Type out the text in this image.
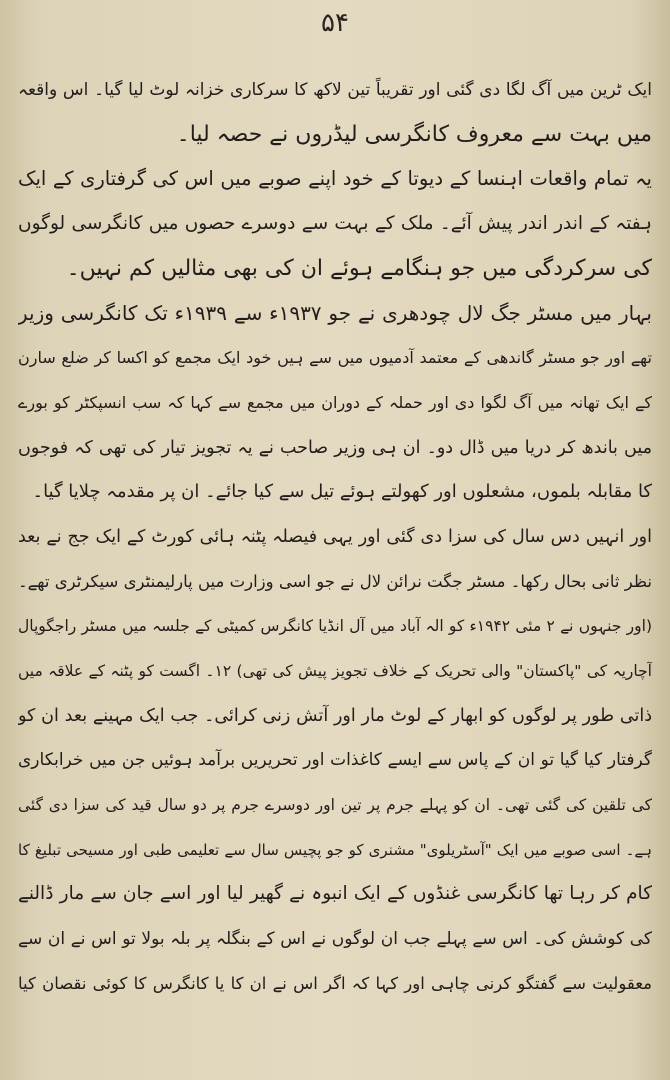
۵۴
ایک ٹرین میں آگ لگا دی گئی اور تقریباً تین لاکھ کا سرکاری خزانہ لوٹ لیا گیا۔ اس واقعہ
میں بہت سے معروف کانگرسی لیڈروں نے حصہ لیا۔
یہ تمام واقعات اہنسا کے دیوتا کے خود اپنے صوبے میں اس کی گرفتاری کے ایک
ہفتہ کے اندر اندر پیش آئے۔ ملک کے بہت سے دوسرے حصوں میں کانگرسی لوگوں
کی سرکردگی میں جو ہنگامے ہوئے ان کی بھی مثالیں کم نہیں۔
بہار میں مسٹر جگ لال چودھری نے جو ۱۹۳۷ء سے ۱۹۳۹ء تک کانگرسی وزیر
تھے اور جو مسٹر گاندھی کے معتمد آدمیوں میں سے ہیں خود ایک مجمع کو اکسا کر ضلع سارن
کے ایک تھانہ میں آگ لگوا دی اور حملہ کے دوران میں مجمع سے کہا کہ سب انسپکٹر کو بورے
میں باندھ کر دریا میں ڈال دو۔ ان ہی وزیر صاحب نے یہ تجویز تیار کی تھی کہ فوجوں
کا مقابلہ بلموں، مشعلوں اور کھولتے ہوئے تیل سے کیا جائے۔ ان پر مقدمہ چلایا گیا۔
اور انہیں دس سال کی سزا دی گئی اور یہی فیصلہ پٹنہ ہائی کورٹ کے ایک جج نے بعد
نظر ثانی بحال رکھا۔ مسٹر جگت نرائن لال نے جو اسی وزارت میں پارلیمنٹری سیکرٹری تھے۔
(اور جنہوں نے ۲ مئی ۱۹۴۲ء کو الہ آباد میں آل انڈیا کانگرس کمیٹی کے جلسہ میں مسٹر راجگوپال
آچاریہ کی "پاکستان" والی تحریک کے خلاف تجویز پیش کی تھی) ۱۲۔ اگست کو پٹنہ کے علاقہ میں
ذاتی طور پر لوگوں کو ابھار کے لوٹ مار اور آتش زنی کرائی۔ جب ایک مہینے بعد ان کو
گرفتار کیا گیا تو ان کے پاس سے ایسے کاغذات اور تحریریں برآمد ہوئیں جن میں خرابکاری
کی تلقین کی گئی تھی۔ ان کو پہلے جرم پر تین اور دوسرے جرم پر دو سال قید کی سزا دی گئی
ہے۔ اسی صوبے میں ایک "آسٹریلوی" مشنری کو جو پچیس سال سے تعلیمی طبی اور مسیحی تبلیغ کا
کام کر رہا تھا کانگرسی غنڈوں کے ایک انبوہ نے گھیر لیا اور اسے جان سے مار ڈالنے
کی کوشش کی۔ اس سے پہلے جب ان لوگوں نے اس کے بنگلہ پر بلہ بولا تو اس نے ان سے
معقولیت سے گفتگو کرنی چاہی اور کہا کہ اگر اس نے ان کا یا کانگرس کا کوئی نقصان کیا
